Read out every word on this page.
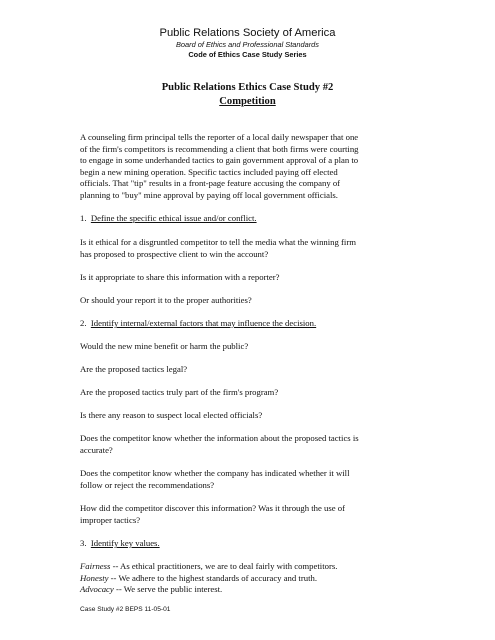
Public Relations Society of America
Board of Ethics and Professional Standards
Code of Ethics Case Study Series
Public Relations Ethics Case Study #2
Competition

A counseling firm principal tells the reporter of a local daily newspaper that one

of the firm's competitors is recommending a client that both firms were courting

to engage in some underhanded tactics to gain government approval of a plan to

begin a new mining operation. Specific tactics included paying off elected

officials. That "tip" results in a front-page feature accusing the company of

planning to "buy" mine approval by paying off local government officials.

1. Define the specific ethical issue and/or conflict.

Is it ethical for a disgruntled competitor to tell the media what the winning firm

has proposed to prospective client to win the account?

Is it appropriate to share this information with a reporter?

Or should your report it to the proper authorities?

2. Identify internal/external factors that may influence the decision.

Would the new mine benefit or harm the public?

Are the proposed tactics legal?

Are the proposed tactics truly part of the firm's program?

Is there any reason to suspect local elected officials?

Does the competitor know whether the information about the proposed tactics is

accurate?

Does the competitor know whether the company has indicated whether it will

follow or reject the recommendations?

How did the competitor discover this information? Was it through the use of

improper tactics?

3. Identify key values.

Fairness -- As ethical practitioners, we are to deal fairly with competitors.

Honesty -- We adhere to the highest standards of accuracy and truth.

Advocacy -- We serve the public interest.

Case Study #2 BEPS 11-05-01
